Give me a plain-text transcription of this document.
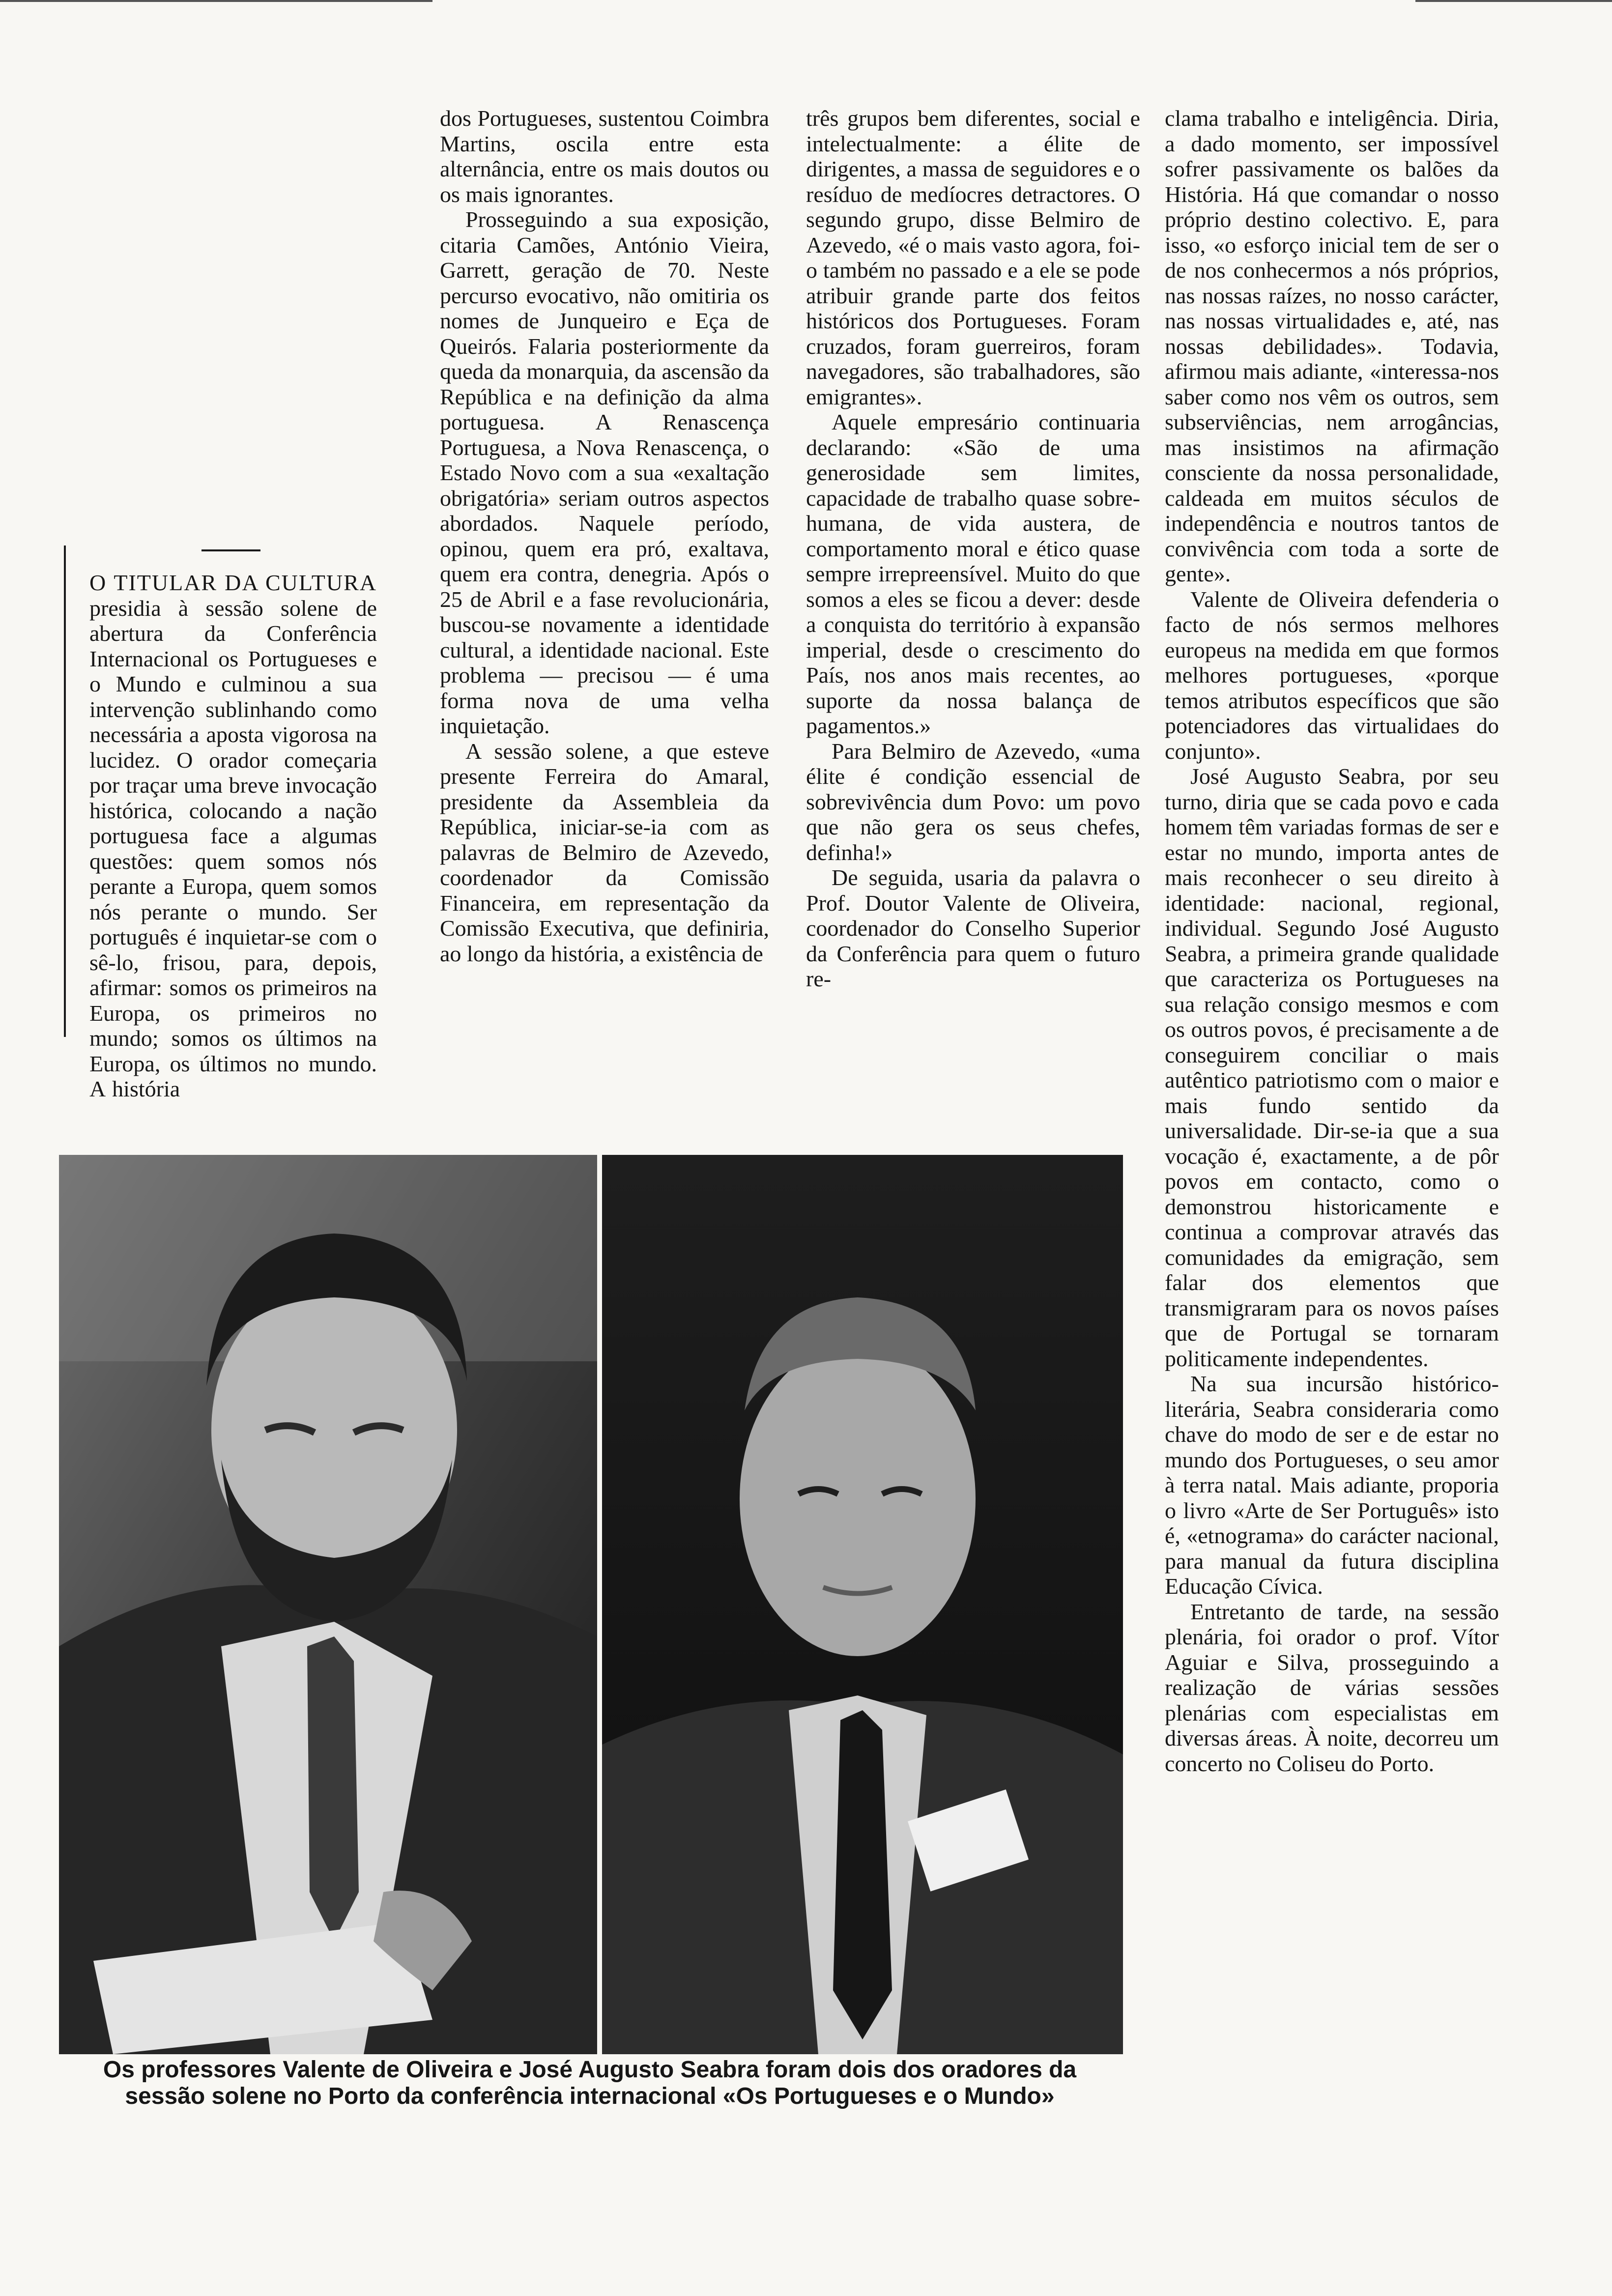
O TITULAR DA CULTURA presidia à sessão solene de abertura da Conferência Internacional os Portugueses e o Mundo e culminou a sua intervenção sublinhando como necessária a aposta vigorosa na lucidez. O orador começaria por traçar uma breve invocação histórica, colocando a nação portuguesa face a algumas questões: quem somos nós perante a Europa, quem somos nós perante o mundo. Ser português é inquietar-se com o sê-lo, frisou, para, depois, afirmar: somos os primeiros na Europa, os primeiros no mundo; somos os últimos na Europa, os últimos no mundo. A história

dos Portugueses, sustentou Coimbra Martins, oscila entre esta alternância, entre os mais doutos ou os mais ignorantes.

Prosseguindo a sua exposição, citaria Camões, António Vieira, Garrett, geração de 70. Neste percurso evocativo, não omitiria os nomes de Junqueiro e Eça de Queirós. Falaria posteriormente da queda da monarquia, da ascensão da República e na definição da alma portuguesa. A Renascença Portuguesa, a Nova Renascença, o Estado Novo com a sua «exaltação obrigatória» seriam outros aspectos abordados. Naquele período, opinou, quem era pró, exaltava, quem era contra, denegria. Após o 25 de Abril e a fase revolucionária, buscou-se novamente a identidade cultural, a identidade nacional. Este problema — precisou — é uma forma nova de uma velha inquietação.

A sessão solene, a que esteve presente Ferreira do Amaral, presidente da Assembleia da República, iniciar-se-ia com as palavras de Belmiro de Azevedo, coordenador da Comissão Financeira, em representação da Comissão Executiva, que definiria, ao longo da história, a existência de

três grupos bem diferentes, social e intelectualmente: a élite de dirigentes, a massa de seguidores e o resíduo de medíocres detractores. O segundo grupo, disse Belmiro de Azevedo, «é o mais vasto agora, foi-o também no passado e a ele se pode atribuir grande parte dos feitos históricos dos Portugueses. Foram cruzados, foram guerreiros, foram navegadores, são trabalhadores, são emigrantes».

Aquele empresário continuaria declarando: «São de uma generosidade sem limites, capacidade de trabalho quase sobre-humana, de vida austera, de comportamento moral e ético quase sempre irrepreensível. Muito do que somos a eles se ficou a dever: desde a conquista do território à expansão imperial, desde o crescimento do País, nos anos mais recentes, ao suporte da nossa balança de pagamentos.»

Para Belmiro de Azevedo, «uma élite é condição essencial de sobrevivência dum Povo: um povo que não gera os seus chefes, definha!»

De seguida, usaria da palavra o Prof. Doutor Valente de Oliveira, coordenador do Conselho Superior da Conferência para quem o futuro re-

clama trabalho e inteligência. Diria, a dado momento, ser impossível sofrer passivamente os balões da História. Há que comandar o nosso próprio destino colectivo. E, para isso, «o esforço inicial tem de ser o de nos conhecermos a nós próprios, nas nossas raízes, no nosso carácter, nas nossas virtualidades e, até, nas nossas debilidades». Todavia, afirmou mais adiante, «interessa-nos saber como nos vêm os outros, sem subserviências, nem arrogâncias, mas insistimos na afirmação consciente da nossa personalidade, caldeada em muitos séculos de independência e noutros tantos de convivência com toda a sorte de gente».

Valente de Oliveira defenderia o facto de nós sermos melhores europeus na medida em que formos melhores portugueses, «porque temos atributos específicos que são potenciadores das virtualidaes do conjunto».

José Augusto Seabra, por seu turno, diria que se cada povo e cada homem têm variadas formas de ser e estar no mundo, importa antes de mais reconhecer o seu direito à identidade: nacional, regional, individual. Segundo José Augusto Seabra, a primeira grande qualidade que caracteriza os Portugueses na sua relação consigo mesmos e com os outros povos, é precisamente a de conseguirem conciliar o mais autêntico patriotismo com o maior e mais fundo sentido da universalidade. Dir-se-ia que a sua vocação é, exactamente, a de pôr povos em contacto, como o demonstrou historicamente e continua a comprovar através das comunidades da emigração, sem falar dos elementos que transmigraram para os novos países que de Portugal se tornaram politicamente independentes.

Na sua incursão histórico-literária, Seabra consideraria como chave do modo de ser e de estar no mundo dos Portugueses, o seu amor à terra natal. Mais adiante, proporia o livro «Arte de Ser Português» isto é, «etnograma» do carácter nacional, para manual da futura disciplina Educação Cívica.

Entretanto de tarde, na sessão plenária, foi orador o prof. Vítor Aguiar e Silva, prosseguindo a realização de várias sessões plenárias com especialistas em diversas áreas. À noite, decorreu um concerto no Coliseu do Porto.

Os professores Valente de Oliveira e José Augusto Seabra foram dois dos oradores da sessão solene no Porto da conferência internacional «Os Portugueses e o Mundo»
